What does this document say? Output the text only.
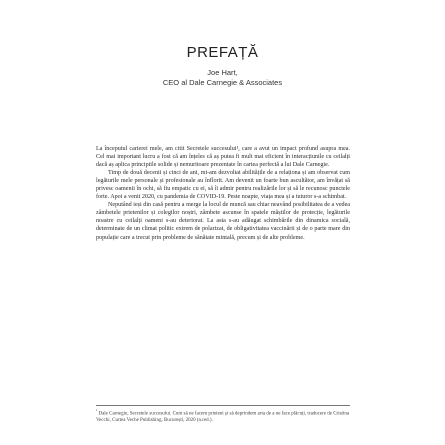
PREFAȚĂ
Joe Hart,
CEO al Dale Carnegie & Associates

La începutul carierei mele, am citit Secretele succesului¹, care a avut un impact profund asupra mea. Cel mai important lucru a fost că am înțeles că aș putea fi mult mai eficient în interacțiunile cu ceilalți dacă aș aplica principiile solide și nemuritoare prezentate în cartea perfectă a lui Dale Carnegie.

Timp de două decenii și cinci de ani, mi-am dezvoltat abilitățile de a relaționa și am observat cum legăturile mele personale și profesionale au înflorit. Am devenit un foarte bun ascultător, am învățat să privesc oamenii în ochi, să fiu empatic cu ei, să îi admir pentru realizările lor și să le recunosc punctele forte. Apoi a venit 2020, cu pandemia de COVID-19. Peste noapte, viața mea și a tuturor s-a schimbat.

Neputând ieși din casă pentru a merge la locul de muncă sau chiar neavând posibilitatea de a vedea zâmbetele prietenilor și colegilor noștri, zâmbete ascunse în spatele măștilor de protecție, legăturile noastre cu ceilalți oameni s-au deteriorat. La asta s-au adăugat schimbările din dinamica socială, determinate de un climat politic extrem de polarizat, de obligativitatea vaccinării și de o parte mare din populație care a trecut prin probleme de sănătate mintală, precum și de alte probleme.

$^{^1}$ Dale Carnegie, Secretele succesului. Cum să ne facem prieteni și să deprindem arta de a ne face plăcuți, traducere de Cristina Vecchi, Curtea Veche Publishing, București, 2020 (n.red.).
